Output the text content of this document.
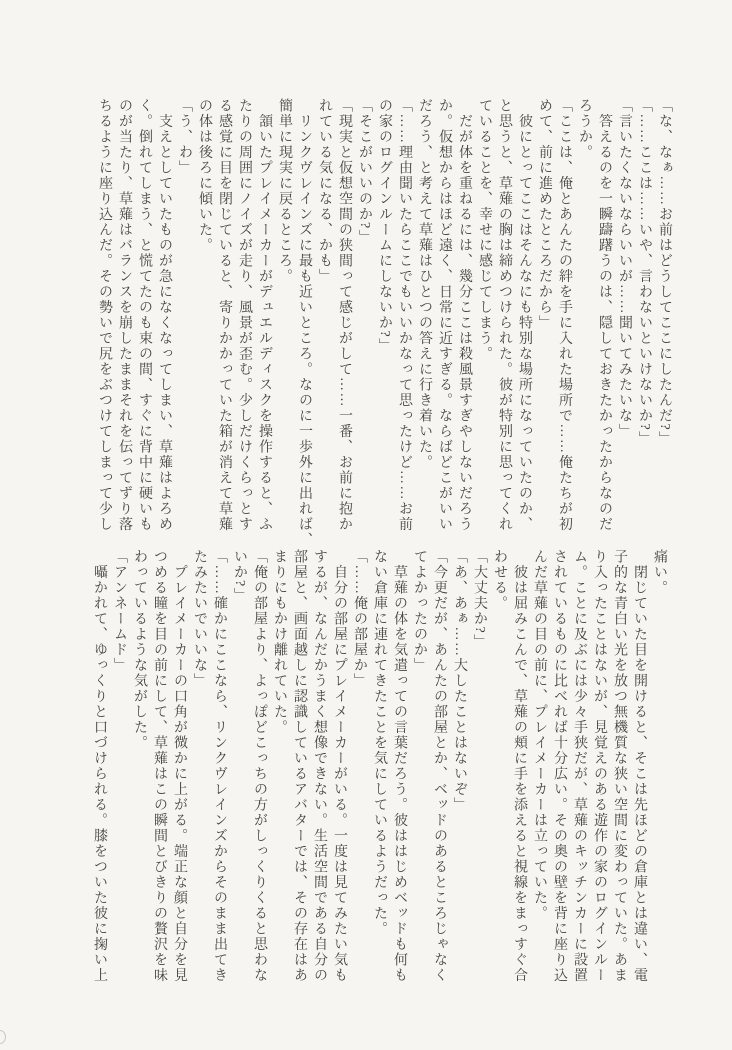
「な、なぁ……お前はどうしてここにしたんだ?」

「……ここは……いや、言わないといけないか?」

「言いたくないならいいが……聞いてみたいな」

　答えるのを一瞬躊躇うのは、隠しておきたかったからなのだ

ろうか。

「ここは、俺とあんたの絆を手に入れた場所で……俺たちが初

めて、前に進めたところだから」

　彼にとってここはそんなにも特別な場所になっていたのか、

と思うと、草薙の胸は締めつけられた。彼が特別に思ってくれ

ていることを、幸せに感じてしまう。

　だが体を重ねるには、幾分ここは殺風景すぎやしないだろう

か。仮想からはほど遠く、日常に近すぎる。ならばどこがいい

だろう、と考えて草薙はひとつの答えに行き着いた。

「……理由聞いたらここでもいいかなって思ったけど……お前

の家のログインルームにしないか?」

「そこがいいのか?」

「現実と仮想空間の狭間って感じがして……一番、お前に抱か

れている気になる、かも」

　リンクヴレインズに最も近いところ。なのに一歩外に出れば、

簡単に現実に戻るところ。

　頷いたプレイメーカーがデュエルディスクを操作すると、ふ

たりの周囲にノイズが走り、風景が歪む。少しだけくらっとす

る感覚に目を閉じていると、寄りかかっていた箱が消えて草薙

の体は後ろに傾いた。

「う、わ」

　支えとしていたものが急になくなってしまい、草薙はよろめ

く。倒れてしまう、と慌てたのも束の間、すぐに背中に硬いも

のが当たり、草薙はバランスを崩したままそれを伝ってずり落

ちるように座り込んだ。その勢いで尻をぶつけてしまって少し

痛い。

　閉じていた目を開けると、そこは先ほどの倉庫とは違い、電

子的な青白い光を放つ無機質な狭い空間に変わっていた。あま

り入ったことはないが、見覚えのある遊作の家のログインルー

ム。ことに及ぶには少々手狭だが、草薙のキッチンカーに設置

されているものに比べれば十分広い。その奥の壁を背に座り込

んだ草薙の目の前に、プレイメーカーは立っていた。

　彼は屈みこんで、草薙の頬に手を添えると視線をまっすぐ合

わせる。

「大丈夫か?」

「あ、あぁ……大したことはないぞ」

「今更だが、あんたの部屋とか、ベッドのあるところじゃなく

てよかったのか」

　草薙の体を気遣っての言葉だろう。彼ははじめベッドも何も

ない倉庫に連れてきたことを気にしているようだった。

「……俺の部屋か」

　自分の部屋にプレイメーカーがいる。一度は見てみたい気も

するが、なんだかうまく想像できない。生活空間である自分の

部屋と、画面越しに認識しているアバターでは、その存在はあ

まりにもかけ離れていた。

「俺の部屋より、よっぽどこっちの方がしっくりくると思わな

いか?」

「……確かにここなら、リンクヴレインズからそのまま出てき

たみたいでいいな」

　プレイメーカーの口角が微かに上がる。端正な顔と自分を見

つめる瞳を目の前にして、草薙はこの瞬間とびきりの贅沢を味

わっているような気がした。

「アンネームド」

　囁かれて、ゆっくりと口づけられる。膝をついた彼に掬い上
